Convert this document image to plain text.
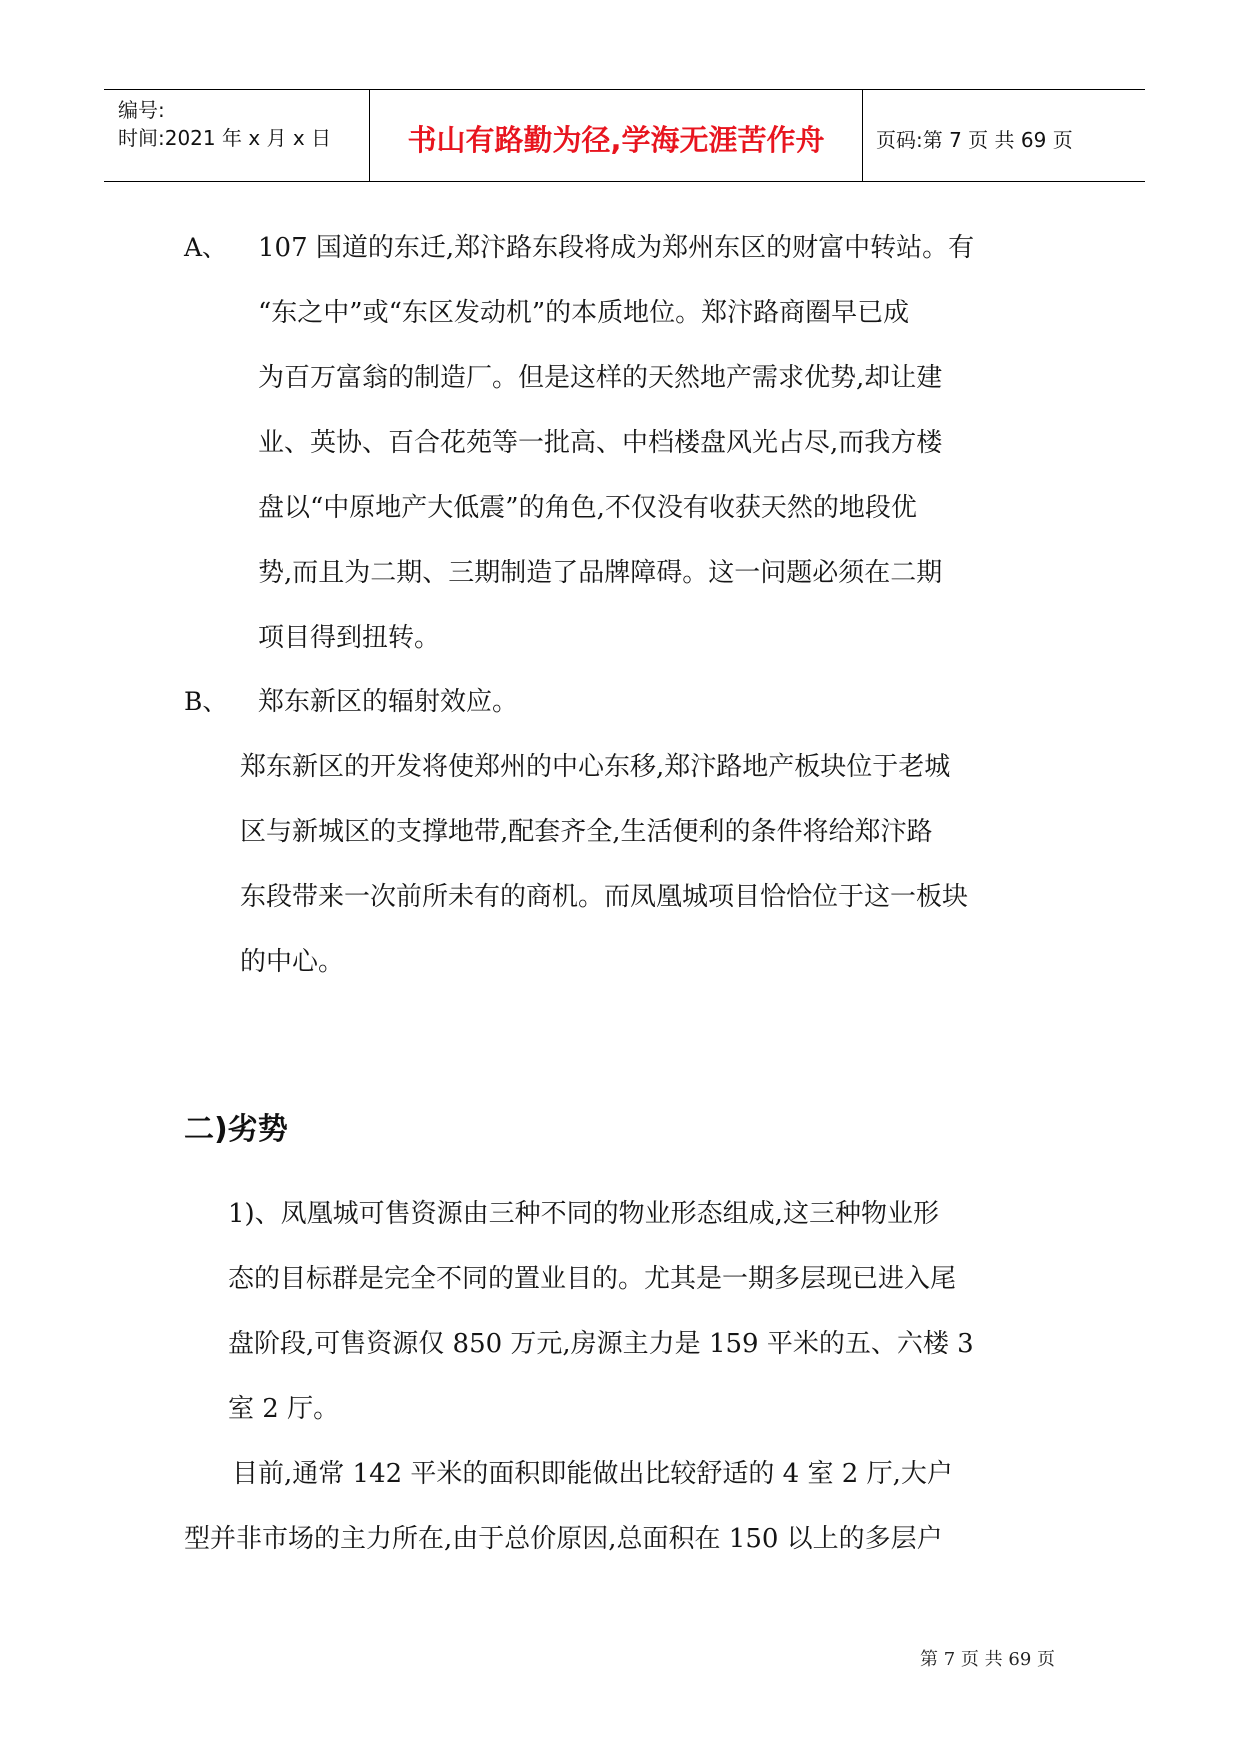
编号:
时间:2021 年 x 月 x 日	书山有路勤为径,学海无涯苦作舟	页码:第 7 页 共 69 页
A、 107 国道的东迁,郑汴路东段将成为郑州东区的财富中转站。有
“东之中”或“东区发动机”的本质地位。郑汴路商圈早已成
为百万富翁的制造厂。但是这样的天然地产需求优势,却让建
业、英协、百合花苑等一批高、中档楼盘风光占尽,而我方楼
盘以“中原地产大低震”的角色,不仅没有收获天然的地段优
势,而且为二期、三期制造了品牌障碍。这一问题必须在二期
项目得到扭转。
B、 郑东新区的辐射效应。
郑东新区的开发将使郑州的中心东移,郑汴路地产板块位于老城
区与新城区的支撑地带,配套齐全,生活便利的条件将给郑汴路
东段带来一次前所未有的商机。而凤凰城项目恰恰位于这一板块
的中心。
二)劣势
1)、凤凰城可售资源由三种不同的物业形态组成,这三种物业形
态的目标群是完全不同的置业目的。尤其是一期多层现已进入尾
盘阶段,可售资源仅 850 万元,房源主力是 159 平米的五、六楼 3
室 2 厅。
目前,通常 142 平米的面积即能做出比较舒适的 4 室 2 厅,大户
型并非市场的主力所在,由于总价原因,总面积在 150 以上的多层户
第 7 页 共 69 页
